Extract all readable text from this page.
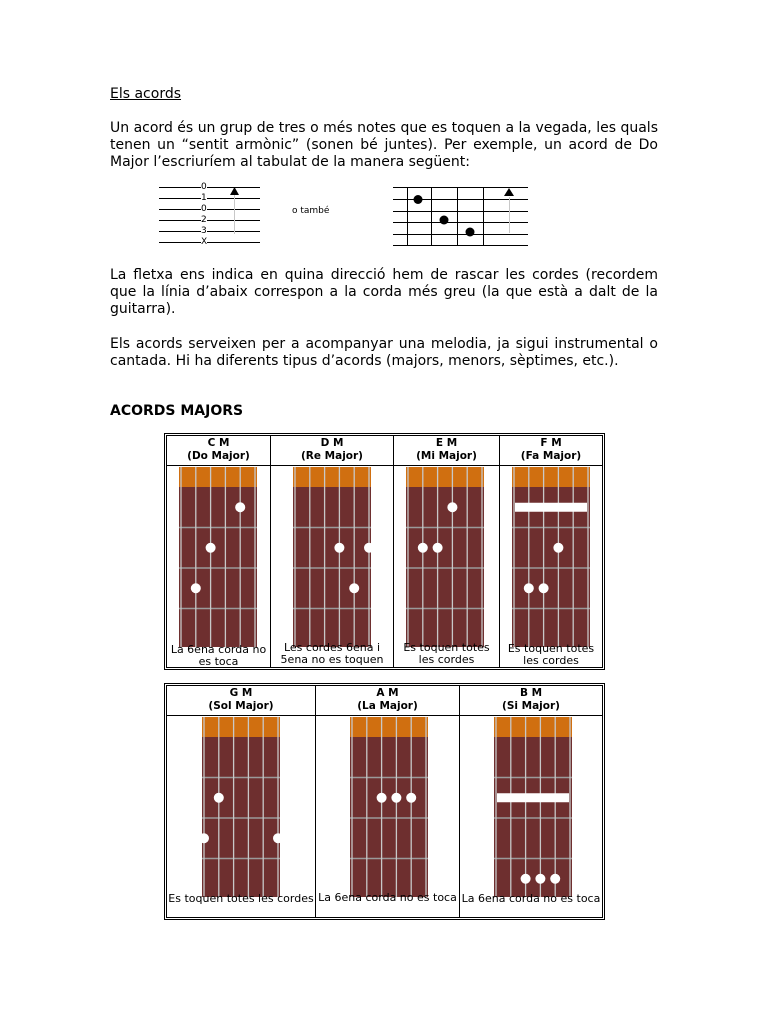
Els acords
Un acord és un grup de tres o més notes que es toquen a la vegada, les quals tenen un “sentit armònic” (sonen bé juntes). Per exemple, un acord de Do Major l’escriuríem al tabulat de la manera següent:
0
1
0
2
3
X
o també
La fletxa ens indica en quina direcció hem de rascar les cordes (recordem que la línia d’abaix correspon a la corda més greu (la que està a dalt de la guitarra).
Els acords serveixen per a acompanyar una melodia, ja sigui instrumental o cantada. Hi ha diferents tipus d’acords (majors, menors, sèptimes, etc.).
ACORDS MAJORS
C M
(Do Major)
La 6ena corda no es toca
D M
(Re Major)
Les cordes 6ena i 5ena no es toquen
E M
(Mi Major)
Es toquen totes les cordes
F M
(Fa Major)
Es toquen totes les cordes
G M
(Sol Major)
Es toquen totes les cordes
A M
(La Major)
La 6ena corda no es toca
B M
(Si Major)
La 6ena corda no es toca
